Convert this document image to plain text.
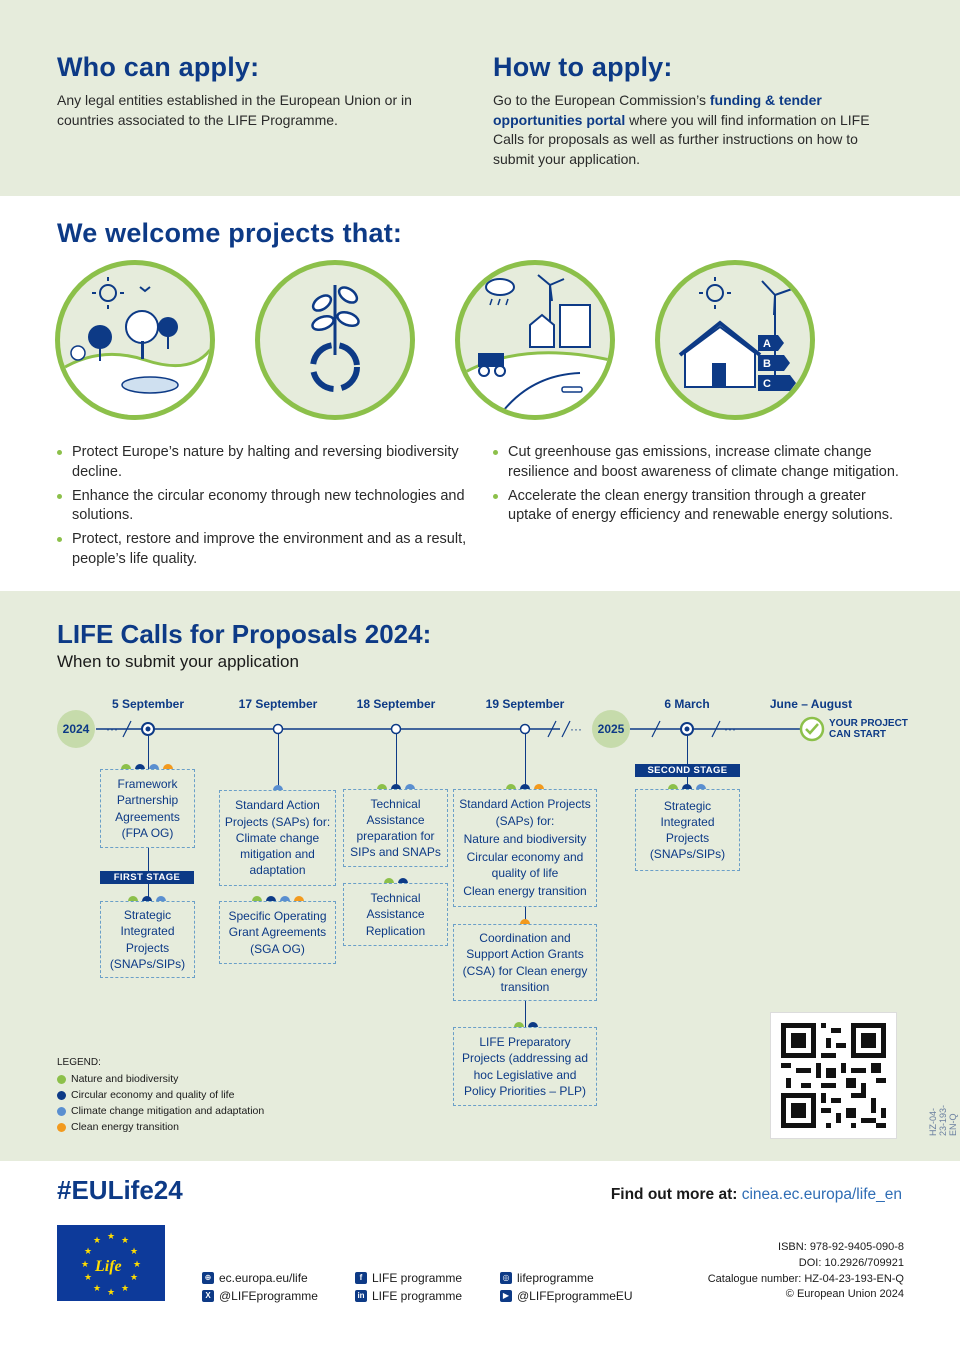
Who can apply:

Any legal entities established in the European Union or in countries associated to the LIFE Programme.

How to apply:

Go to the European Commission’s funding & tender opportunities portal where you will find information on LIFE Calls for proposals as well as further instructions on how to submit your application.

We welcome projects that:
A
B
C
Protect Europe’s nature by halting and reversing biodiversity decline.
Enhance the circular economy through new technologies and solutions.
Protect, restore and improve the environment and as a result, people’s life quality.
Cut greenhouse gas emissions, increase climate change resilience and boost awareness of climate change mitigation.
Accelerate the clean energy transition through a greater uptake of energy efficiency and renewable energy solutions.
LIFE Calls for Proposals 2024:
When to submit your application
5 September	17 September	18 September	19 September	6 March	June – August
···	···	···
2024	2025	YOUR PROJECT
CAN START
Framework Partnership Agreements (FPA OG)
FIRST STAGE
Strategic Integrated Projects (SNAPs/SIPs)
Standard Action Projects (SAPs) for: Climate change mitigation and adaptation
Specific Operating Grant Agreements (SGA OG)
Technical Assistance preparation for SIPs and SNAPs
Technical Assistance Replication
Standard Action Projects (SAPs) for:
Nature and biodiversity
Circular economy and quality of life
Clean energy transition
Coordination and Support Action Grants (CSA) for Clean energy transition
LIFE Preparatory Projects (addressing ad hoc Legislative and Policy Priorities – PLP)
SECOND STAGE
Strategic Integrated Projects (SNAPs/SIPs)
LEGEND:
Nature and biodiversity
Circular economy and quality of life
Climate change mitigation and adaptation
Clean energy transition	HZ-04-23-193-EN-Q
#EULife24	Find out more at: cinea.ec.europa/life_en
★ ★
★
★
★
★
★
★
★
★
★
★
Life
⊕ ec.europa.eu/life
X @LIFEprogramme
f LIFE programme
in LIFE programme
◎ lifeprogramme
▶ @LIFEprogrammeEU
ISBN: 978-92-9405-090-8
DOI: 10.2926/709921
Catalogue number: HZ-04-23-193-EN-Q
© European Union 2024
